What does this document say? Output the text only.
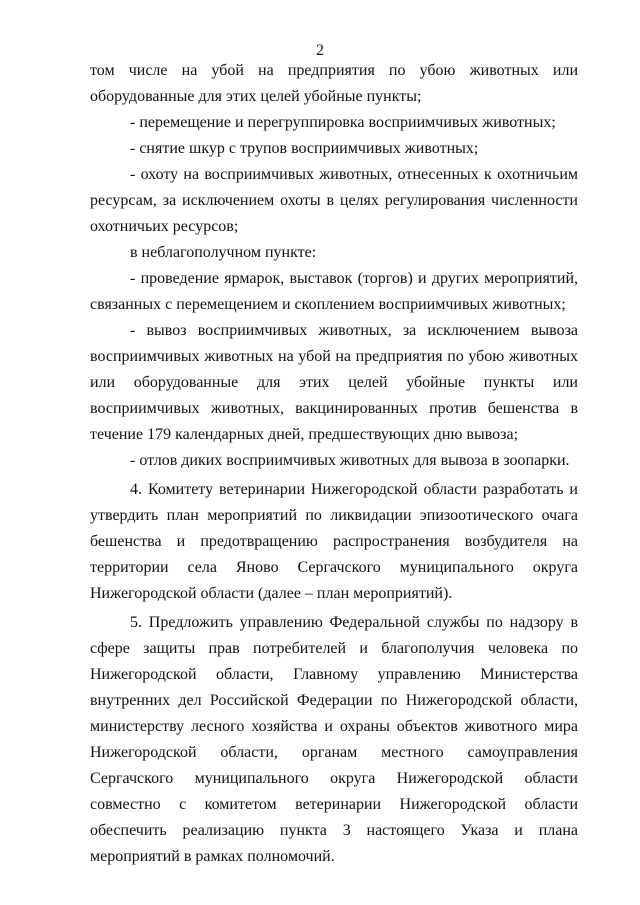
2

том числе на убой на предприятия по убою животных или оборудованные для этих целей убойные пункты;

- перемещение и перегруппировка восприимчивых животных;

- снятие шкур с трупов восприимчивых животных;

- охоту на восприимчивых животных, отнесенных к охотничьим ресурсам, за исключением охоты в целях регулирования численности охотничьих ресурсов;

в неблагополучном пункте:

- проведение ярмарок, выставок (торгов) и других мероприятий, связанных с перемещением и скоплением восприимчивых животных;

- вывоз восприимчивых животных, за исключением вывоза восприимчивых животных на убой на предприятия по убою животных или оборудованные для этих целей убойные пункты или восприимчивых животных, вакцинированных против бешенства в течение 179 календарных дней, предшествующих дню вывоза;

- отлов диких восприимчивых животных для вывоза в зоопарки.

4. Комитету ветеринарии Нижегородской области разработать и утвердить план мероприятий по ликвидации эпизоотического очага бешенства и предотвращению распространения возбудителя на территории села Яново Сергачского муниципального округа Нижегородской области (далее – план мероприятий).

5. Предложить управлению Федеральной службы по надзору в сфере защиты прав потребителей и благополучия человека по Нижегородской области, Главному управлению Министерства внутренних дел Российской Федерации по Нижегородской области, министерству лесного хозяйства и охраны объектов животного мира Нижегородской области, органам местного самоуправления Сергачского муниципального округа Нижегородской области совместно с комитетом ветеринарии Нижегородской области обеспечить реализацию пункта 3 настоящего Указа и плана мероприятий в рамках полномочий.
